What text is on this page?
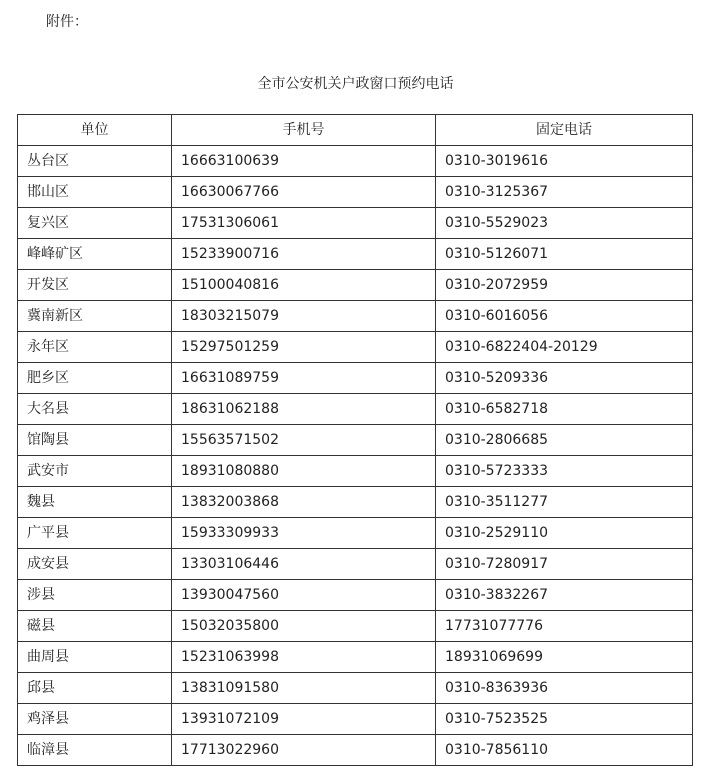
附件：
全市公安机关户政窗口预约电话
单位	手机号	固定电话
丛台区	16663100639	0310-3019616
邯山区	16630067766	0310-3125367
复兴区	17531306061	0310-5529023
峰峰矿区	15233900716	0310-5126071
开发区	15100040816	0310-2072959
冀南新区	18303215079	0310-6016056
永年区	15297501259	0310-6822404-20129
肥乡区	16631089759	0310-5209336
大名县	18631062188	0310-6582718
馆陶县	15563571502	0310-2806685
武安市	18931080880	0310-5723333
魏县	13832003868	0310-3511277
广平县	15933309933	0310-2529110
成安县	13303106446	0310-7280917
涉县	13930047560	0310-3832267
磁县	15032035800	17731077776
曲周县	15231063998	18931069699
邱县	13831091580	0310-8363936
鸡泽县	13931072109	0310-7523525
临漳县	17713022960	0310-7856110
